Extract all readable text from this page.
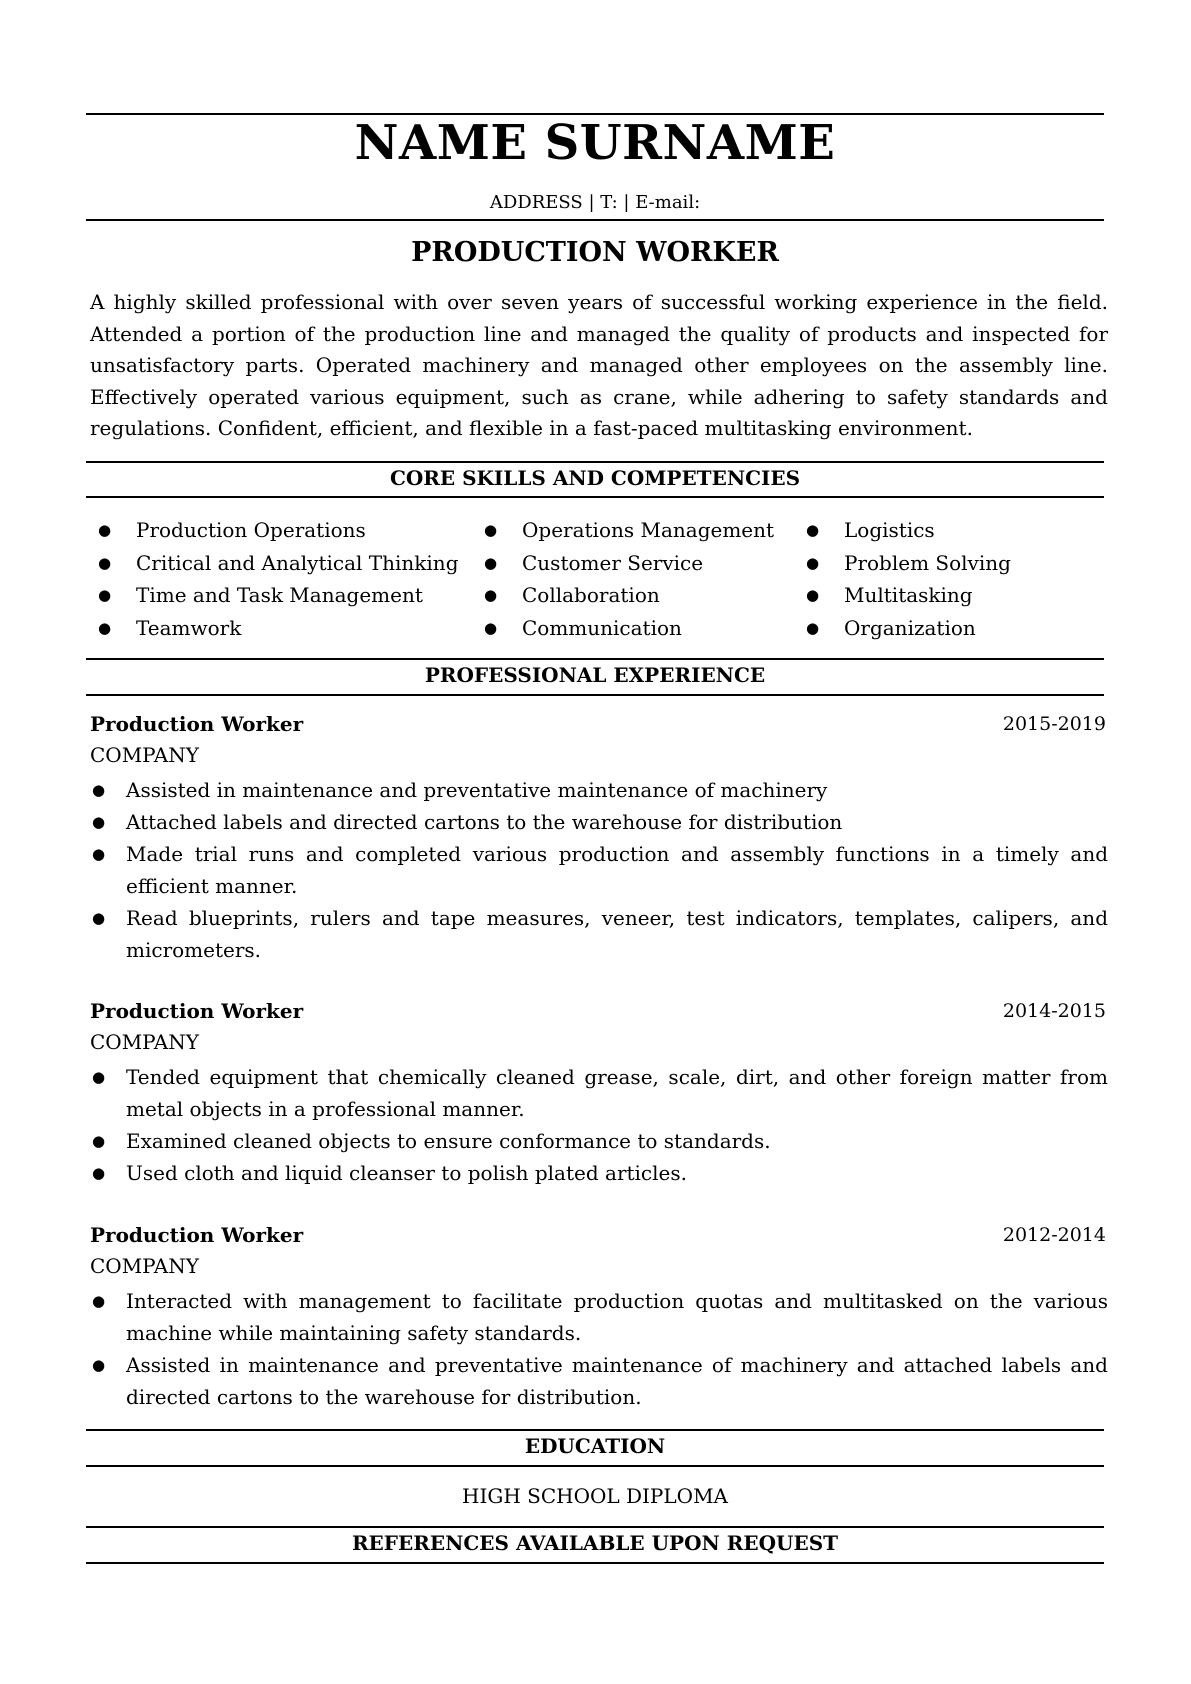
NAME SURNAME
ADDRESS | T: | E-mail:
PRODUCTION WORKER
A highly skilled professional with over seven years of successful working experience in the field. Attended a portion of the production line and managed the quality of products and inspected for unsatisfactory parts. Operated machinery and managed other employees on the assembly line. Effectively operated various equipment, such as crane, while adhering to safety standards and regulations. Confident, efficient, and flexible in a fast-paced multitasking environment.
CORE SKILLS AND COMPETENCIES
● Production Operations
● Critical and Analytical Thinking
● Time and Task Management
● Teamwork
● Operations Management
● Customer Service
● Collaboration
● Communication
● Logistics
● Problem Solving
● Multitasking
● Organization
PROFESSIONAL EXPERIENCE
Production Worker	2015-2019
COMPANY
● Assisted in maintenance and preventative maintenance of machinery
● Attached labels and directed cartons to the warehouse for distribution
● Made trial runs and completed various production and assembly functions in a timely and efficient manner.
● Read blueprints, rulers and tape measures, veneer, test indicators, templates, calipers, and micrometers.
Production Worker	2014-2015
COMPANY
● Tended equipment that chemically cleaned grease, scale, dirt, and other foreign matter from metal objects in a professional manner.
● Examined cleaned objects to ensure conformance to standards.
● Used cloth and liquid cleanser to polish plated articles.
Production Worker	2012-2014
COMPANY
● Interacted with management to facilitate production quotas and multitasked on the various machine while maintaining safety standards.
● Assisted in maintenance and preventative maintenance of machinery and attached labels and directed cartons to the warehouse for distribution.
EDUCATION
HIGH SCHOOL DIPLOMA
REFERENCES AVAILABLE UPON REQUEST
